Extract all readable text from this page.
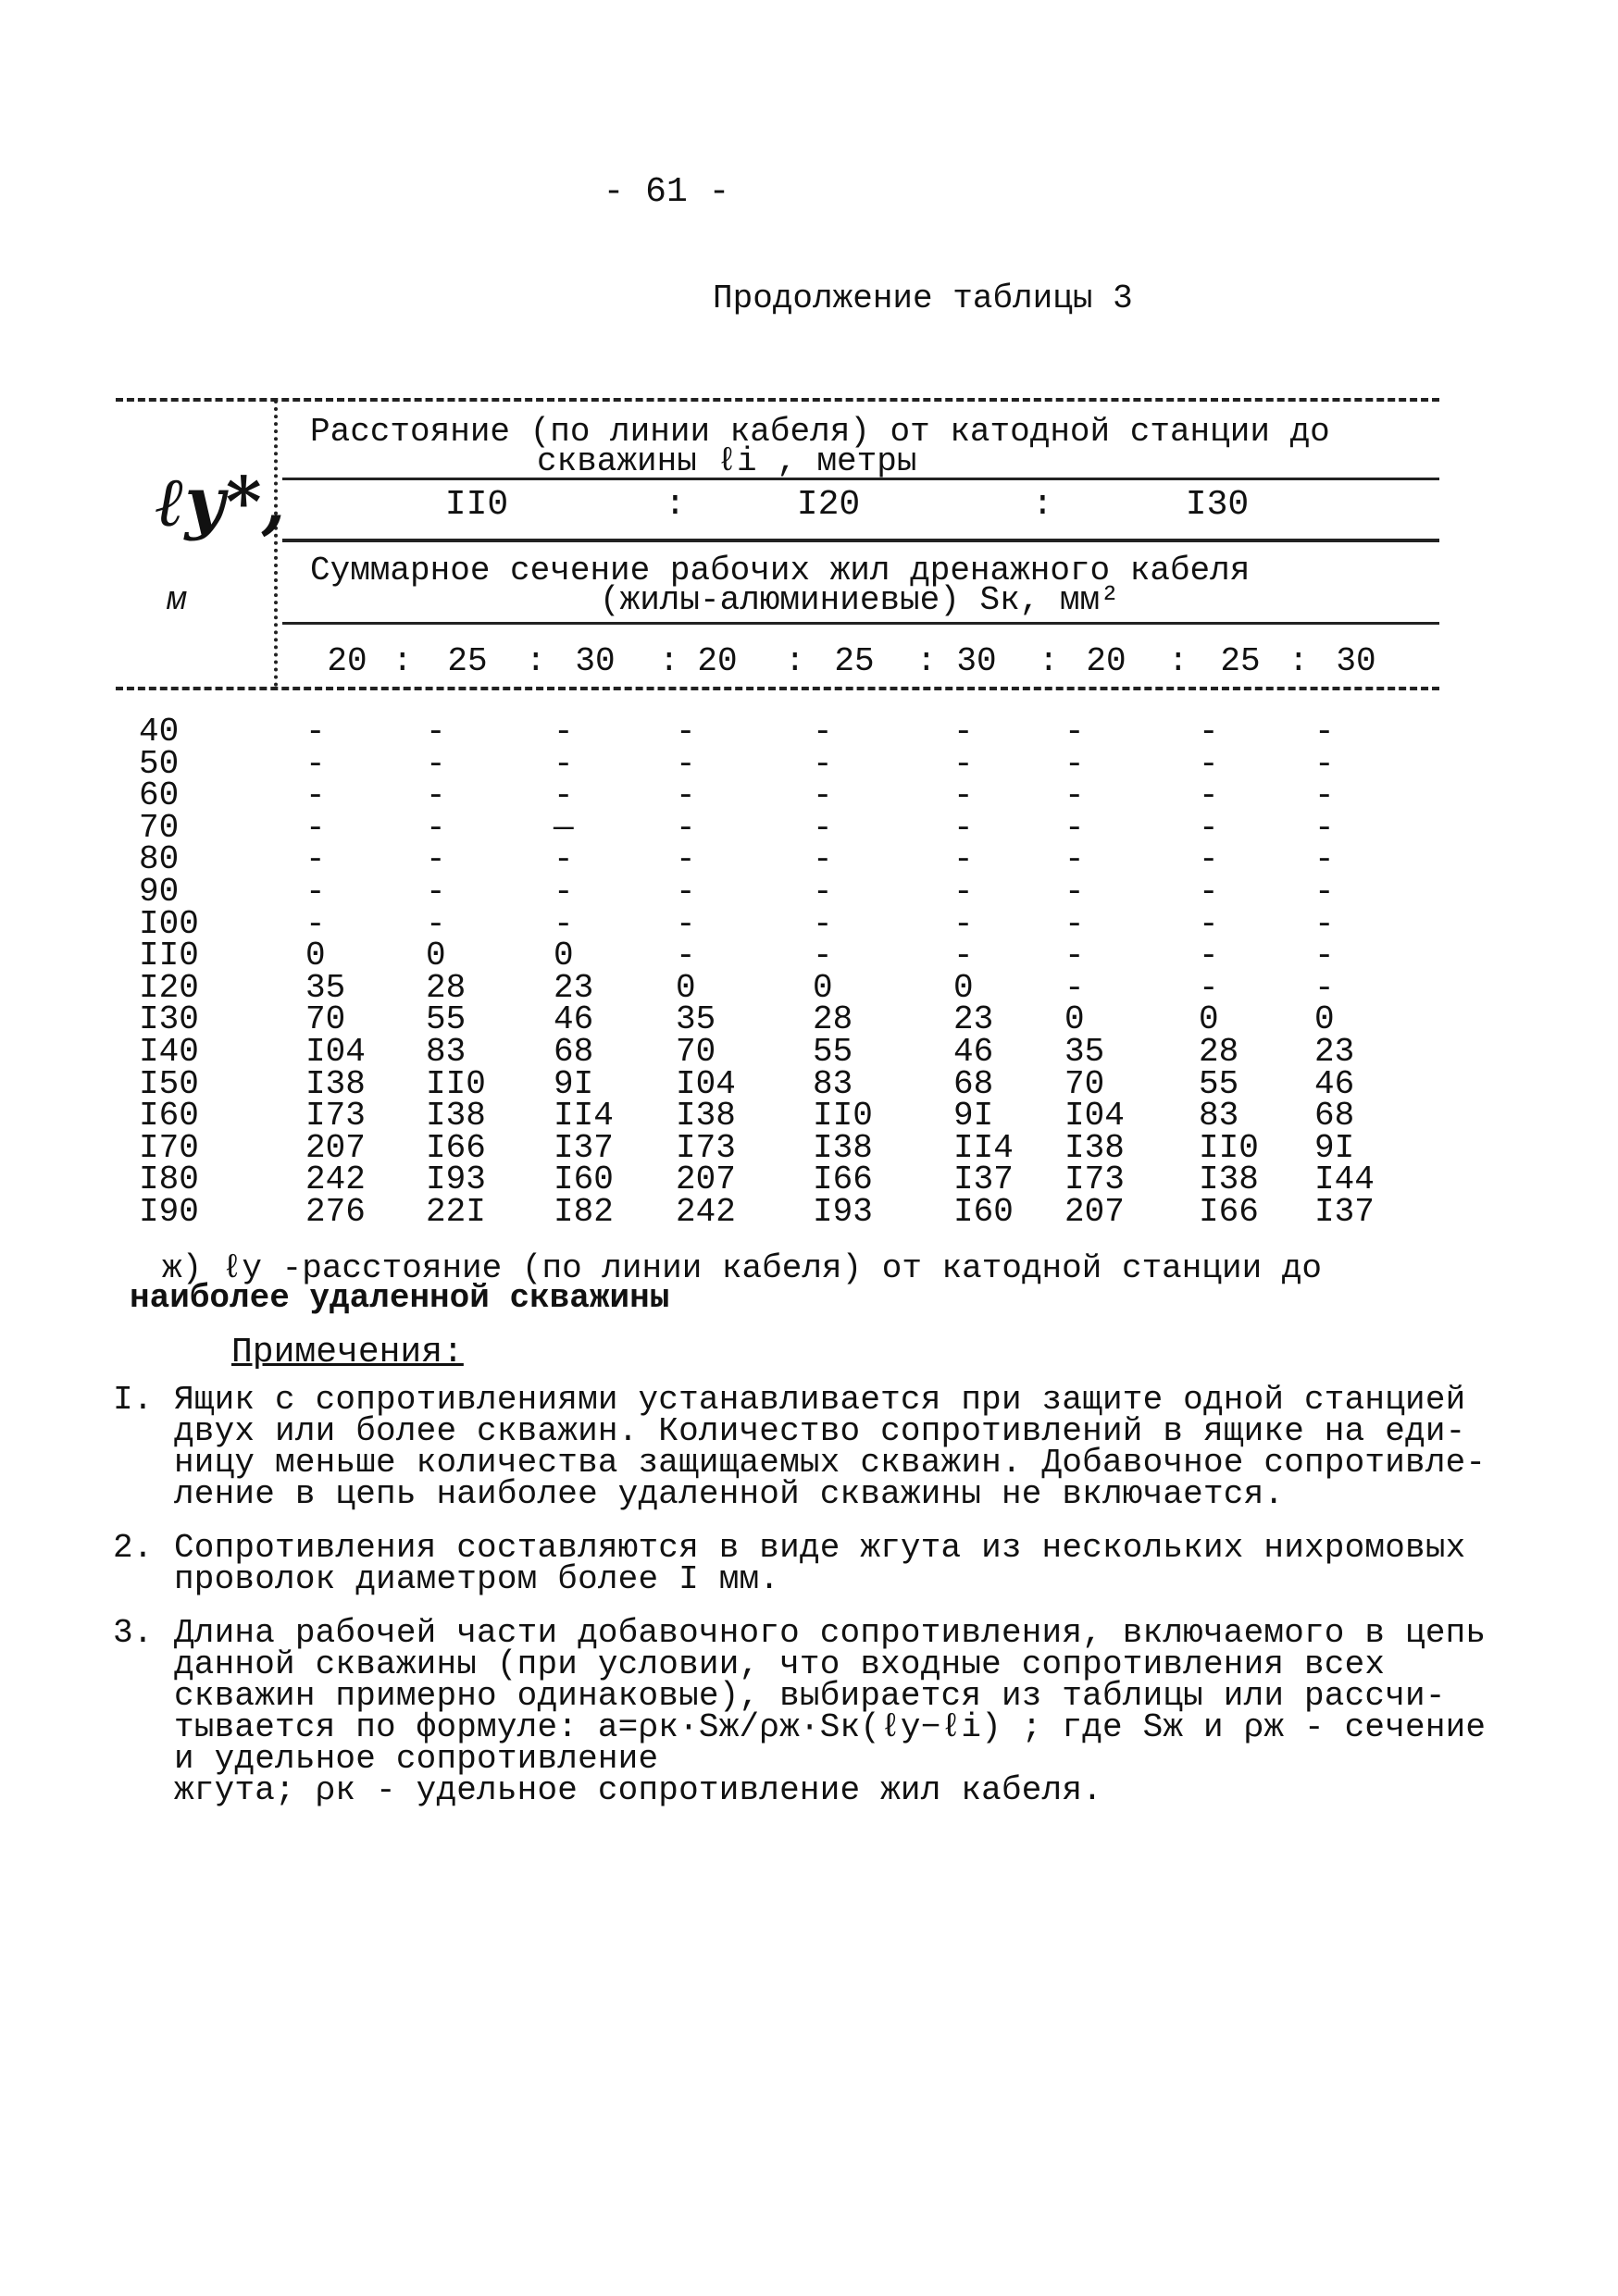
- 61 -
Продолжение таблицы 3
ℓу*,
м
Расстояние (по линии кабеля) от катодной станции до
скважины ℓi , метры
II0	:	I20	:	I30
Суммарное сечение рабочих жил дренажного кабеля
(жилы-алюминиевые) Sк, мм²
20 :	25	: 30	: 20	: 25	: 30	: 20	: 25 : 30
40	-	-	-	-	-	-	-	-	-
50	-	-	-	-	-	-	-	-	-
60	-	-	-	-	-	-	-	-	-
70	-	-	—	-	-	-	-	-	-
80	-	-	-	-	-	-	-	-	-
90	-	-	-	-	-	-	-	-	-
I00	-	-	-	-	-	-	-	-	-
II0	0	0	0	-	-	-	-	-	-
I20	35	28	23	0	0	0	-	-	-
I30	70	55	46	35	28	23	0	0	0
I40	I04	83	68	70	55	46	35	28	23
I50	I38	II0	9I	I04	83	68	70	55	46
I60	I73	I38	II4	I38	II0	9I	I04	83	68
I70	207	I66	I37	I73	I38	II4	I38	II0	9I
I80	242	I93	I60	207	I66	I37	I73	I38	I44
I90	276	22I	I82	242	I93	I60	207	I66	I37
ж) ℓу -расстояние (по линии кабеля) от катодной станции до
наиболее удаленной скважины
Примечения:
I. Ящик с сопротивлениями устанавливается при защите одной станцией
двух или более скважин. Количество сопротивлений в ящике на еди-
ницу меньше количества защищаемых скважин. Добавочное сопротивле-
ление в цепь наиболее удаленной скважины не включается.
2. Сопротивления составляются в виде жгута из нескольких нихромовых
проволок диаметром более I мм.
3. Длина рабочей части добавочного сопротивления, включаемого в цепь
данной скважины (при условии, что входные сопротивления всех
скважин примерно одинаковые), выбирается из таблицы или рассчи-
тывается по формуле: a=ρк·Sж/ρж·Sк(ℓу−ℓi) ; где Sж и ρж - сечение
и удельное сопротивление
жгута; ρк - удельное сопротивление жил кабеля.
